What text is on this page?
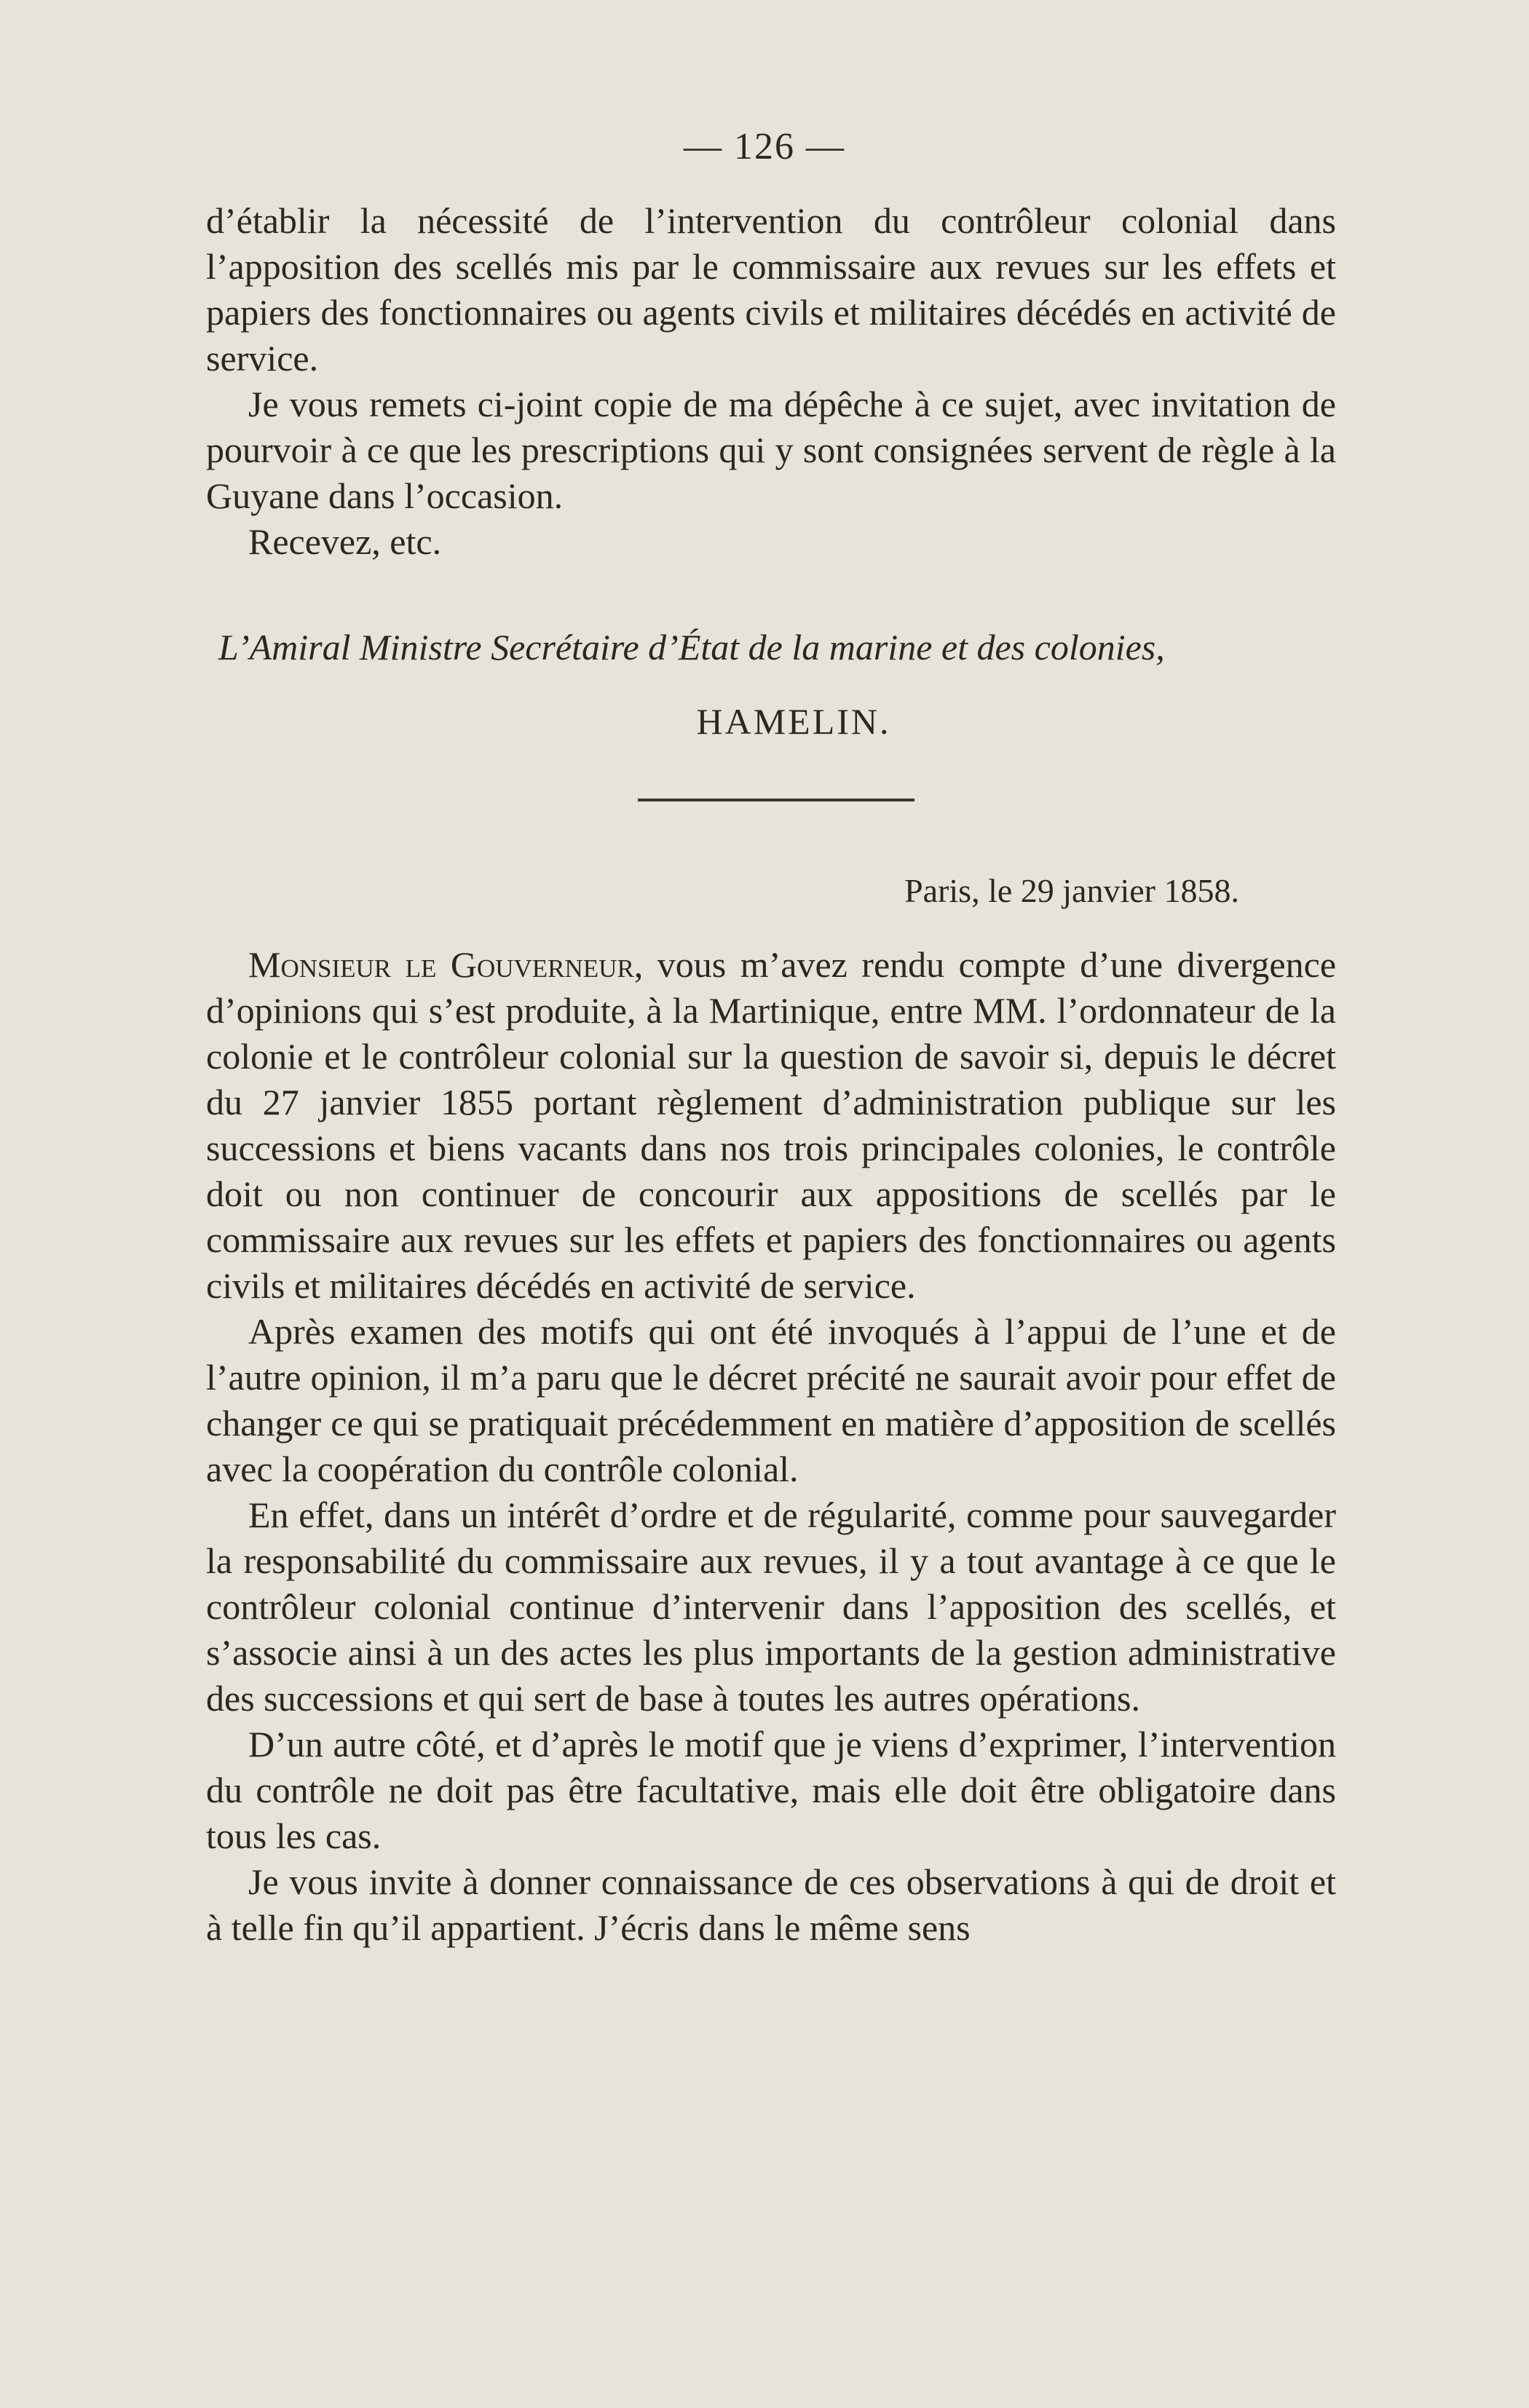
— 126 —

d’établir la nécessité de l’intervention du contrôleur colonial dans l’apposition des scellés mis par le commissaire aux revues sur les effets et papiers des fonctionnaires ou agents civils et militaires décédés en activité de service.

Je vous remets ci-joint copie de ma dépêche à ce sujet, avec invitation de pourvoir à ce que les prescriptions qui y sont consignées servent de règle à la Guyane dans l’occasion.

Recevez, etc.

L’Amiral Ministre Secrétaire d’État de la marine et des colonies,
HAMELIN.
Paris, le 29 janvier 1858.

Monsieur le Gouverneur, vous m’avez rendu compte d’une divergence d’opinions qui s’est produite, à la Martinique, entre MM. l’ordonnateur de la colonie et le contrôleur colonial sur la question de savoir si, depuis le décret du 27 janvier 1855 portant règlement d’administration publique sur les successions et biens vacants dans nos trois principales colonies, le contrôle doit ou non continuer de concourir aux appositions de scellés par le commissaire aux revues sur les effets et papiers des fonctionnaires ou agents civils et militaires décédés en activité de service.

Après examen des motifs qui ont été invoqués à l’appui de l’une et de l’autre opinion, il m’a paru que le décret précité ne saurait avoir pour effet de changer ce qui se pratiquait précédemment en matière d’apposition de scellés avec la coopération du contrôle colonial.

En effet, dans un intérêt d’ordre et de régularité, comme pour sauvegarder la responsabilité du commissaire aux revues, il y a tout avantage à ce que le contrôleur colonial continue d’intervenir dans l’apposition des scellés, et s’associe ainsi à un des actes les plus importants de la gestion administrative des successions et qui sert de base à toutes les autres opérations.

D’un autre côté, et d’après le motif que je viens d’exprimer, l’intervention du contrôle ne doit pas être facultative, mais elle doit être obligatoire dans tous les cas.

Je vous invite à donner connaissance de ces observations à qui de droit et à telle fin qu’il appartient. J’écris dans le même sens
